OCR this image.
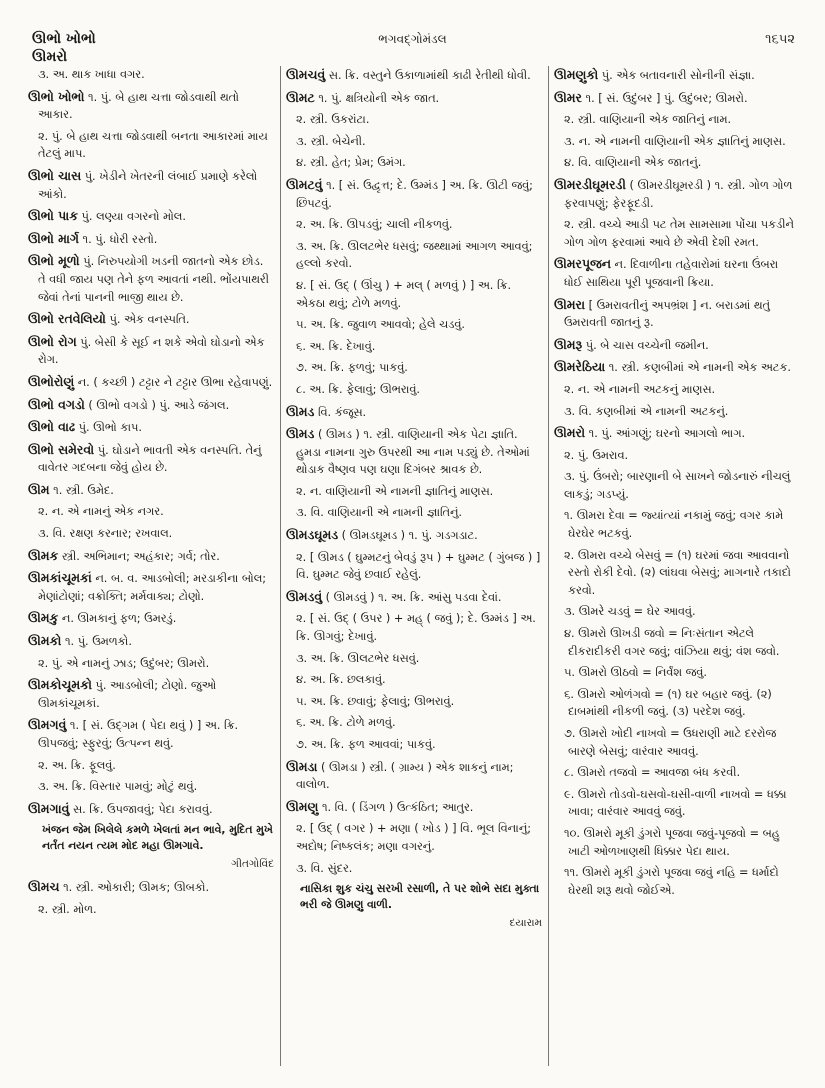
ઊભો ખોભો
ઊમરો
ભગવદ્ગોમંડલ	૧૬૫૨
૩. અ. થાક ખાધા વગર.
ઊભો ખોભો ૧. પું. બે હાથ ચત્તા જોડવાથી થતો આકાર.
૨. પું. બે હાથ ચત્તા જોડવાથી બનતા આકારમાં માય તેટલું માપ.
ઊભો ચાસ પું. ખેડીને ખેતરની લંબાઈ પ્રમાણે કરેલો આંકો.
ઊભો પાક પું. લણ્યા વગરનો મોલ.
ઊભો માર્ગ ૧. પું. ધોરી રસ્તો.
ઊભો મૂળો પું. નિરુપયોગી ખડની જાતનો એક છોડ. તે વધી જાય પણ તેને ફળ આવતાં નથી. ભોંયપાથરી જેવાં તેનાં પાનની ભાજી થાય છે.
ઊભો રતવેલિયો પું. એક વનસ્પતિ.
ઊભો રોગ પું. બેસી કે સૂઈ ન શકે એવો ઘોડાનો એક રોગ.
ઊભોરોણું ન. ( કચ્છી ) ટટ્ટાર ને ટટ્ટાર ઊભા રહેવાપણું.
ઊભો વગડો ( ઊભો વગડો ) પું. આડે જંગલ.
ઊભો વાઢ પું. ઊભો કાપ.
ઊભો સમેરવો પું. ઘોડાને ભાવતી એક વનસ્પતિ. તેનું વાવેતર ગદબના જેવું હોય છે.
ઊમ ૧. સ્ત્રી. ઉમેદ.
૨. ન. એ નામનું એક નગર.
૩. વિ. રક્ષણ કરનાર; રખવાલ.
ઊમક સ્ત્રી. અભિમાન; અહંકાર; ગર્વ; તોર.
ઊમકાંચૂમકાં ન. બ. વ. આડબોલી; મરડાકીના બોલ; મેણાંટોણાં; વક્રોક્તિ; મર્મવાક્ય; ટોણો.
ઊમકુ ન. ઊમકાનું ફળ; ઉમરડું.
ઊમકો ૧. પું. ઉમળકો.
૨. પું. એ નામનું ઝાડ; ઉદુંબર; ઊમરો.
ઊમકોચૂમકો પું. આડબોલી; ટોણો. જુઓ ઊમકાંચૂમકાં.
ઊમગવું ૧. [ સં. ઉદ્ગમ ( પેદા થવું ) ] અ. ક્રિ. ઊપજવું; સ્ફુરવું; ઉત્પન્ન થવું.
૨. અ. ક્રિ. ફૂલવું.
૩. અ. ક્રિ. વિસ્તાર પામવું; મોટું થવું.
ઊમગાવું સ. ક્રિ. ઉપજાવવું; પેદા કરાવવું.
ખંજન જેમ ખિલેલે કમળે ખેલતાં મન ભાવે, મુદિત મુખે નર્તંત નયન ત્યમ મોદ મહા ઊમગાવે.
ગીતગોવિંદ
ઊમચ ૧. સ્ત્રી. ઓકારી; ઊમક; ઊબકો.
૨. સ્ત્રી. મોળ.
ઊમચવું સ. ક્રિ. વસ્તુને ઉકાળામાંથી કાઢી રેતીથી ધોવી.
ઊમટ ૧. પું. ક્ષત્રિયોની એક જાત.
૨. સ્ત્રી. ઉકરાંટા.
૩. સ્ત્રી. બેચેની.
૪. સ્ત્રી. હેત; પ્રેમ; ઉમંગ.
ઊમટવું ૧. [ સં. ઉદ્વૃત્ત; દે. ઉમ્મંડ ] અ. ક્રિ. ઊટી જવું; છિપટવું.
૨. અ. ક્રિ. ઊપડવું; ચાલી નીકળવું.
૩. અ. ક્રિ. ઊલટભેર ધસવું; જથ્થામાં આગળ આવવું; હલ્લો કરવો.
૪. [ સં. ઉદ્ ( ઊંચુ ) + મલ્ ( મળવું ) ] અ. ક્રિ. એકઠા થવું; ટોળે મળવું.
૫. અ. ક્રિ. જુવાળ આવવો; હેલે ચડવું.
૬. અ. ક્રિ. દેખાવું.
૭. અ. ક્રિ. ફળવું; પાકવું.
૮. અ. ક્રિ. ફેલાવું; ઊભરાવું.
ઊમડ વિ. કંજૂસ.
ઊમડ ( ઊમડ ) ૧. સ્ત્રી. વાણિયાની એક પેટા જ્ઞાતિ. હુમડા નામના ગુરુ ઉપરથી આ નામ પડ્યું છે. તેઓમાં થોડાક વૈષ્ણવ પણ ઘણા દિગંબર શ્રાવક છે.
૨. ન. વાણિયાની એ નામની જ્ઞાતિનું માણસ.
૩. વિ. વાણિયાની એ નામની જ્ઞાતિનું.
ઊમડઘૂમડ ( ઊમડઘૂમડ ) ૧. પું. ગડગડાટ.
૨. [ ઊમડ ( ઘુમ્મટનું બેવડું રૂપ ) + ઘુમ્મટ ( ગુંબજ ) ] વિ. ઘુમ્મટ જેવું છવાઈ રહેલું.
ઊમડવું ( ઊમડવું ) ૧. અ. ક્રિ. આંસુ પડવા દેવાં.
૨. [ સં. ઉદ્ ( ઉપર ) + મહ્ ( જવું ); દે. ઉમ્મંડ ] અ. ક્રિ. ઊગવું; દેખાવું.
૩. અ. ક્રિ. ઊલટભેર ધસવું.
૪. અ. ક્રિ. છલકાવું.
૫. અ. ક્રિ. છવાવું; ફેલાવું; ઊભરાવું.
૬. અ. ક્રિ. ટોળે મળવું.
૭. અ. ક્રિ. ફળ આવવાં; પાકવું.
ઊમડા ( ઊમડા ) સ્ત્રી. ( ગ્રામ્ય ) એક શાકનું નામ; વાલોળ.
ઊમણુ ૧. વિ. ( ડિંગળ ) ઉત્કંઠિત; આતુર.
૨. [ ઉદ્ ( વગર ) + મણા ( ખોડ ) ] વિ. ભૂલ વિનાનું; અદોષ; નિષ્કલંક; મણા વગરનું.
૩. વિ. સુંદર.
નાસિકા શુક ચંચુ સરખી રસાળી, તે પર શોભે સદા મુક્તા ભરી જે ઊમણુ વાળી.
દયારામ
ઊમણુકો પું. એક બતાવનારી સોનીની સંજ્ઞા.
ઊમર ૧. [ સં. ઉદુંબર ] પું. ઉદુંબર; ઊમરો.
૨. સ્ત્રી. વાણિયાની એક જાતિનું નામ.
૩. ન. એ નામની વાણિયાની એક જ્ઞાતિનું માણસ.
૪. વિ. વાણિયાની એક જાતનું.
ઊમરડીઘૂમરડી ( ઊમરડીઘૂમરડી ) ૧. સ્ત્રી. ગોળ ગોળ ફરવાપણું; ફેરફૂદડી.
૨. સ્ત્રી. વચ્ચે આડી પટ તેમ સામસામા પોંચા પકડીને ગોળ ગોળ ફરવામાં આવે છે એવી દેશી રમત.
ઊમરપૂજન ન. દિવાળીના તહેવારોમાં ઘરના ઉંબરા ધોઈ સાથિયા પૂરી પૂજવાની ક્રિયા.
ઊમરા [ ઉમરાવતીનું અપભ્રંશ ] ન. બરાડમાં થતું ઉમરાવતી જાતનું રૂ.
ઊમરૂ પું. બે ચાસ વચ્ચેની જમીન.
ઊમરેઠિયા ૧. સ્ત્રી. કણબીમાં એ નામની એક અટક.
૨. ન. એ નામની અટકનું માણસ.
૩. વિ. કણબીમાં એ નામની અટકનું.
ઊમરો ૧. પું. આંગણું; ઘરનો આગલો ભાગ.
૨. પું. ઉમરાવ.
૩. પું. ઉંબરો; બારણાની બે સાખને જોડનારું નીચલું લાકડું; ગડપ્યું.
૧. ઊમરા દેવા = જ્યાંત્યાં નકામું જવું; વગર કામે ઘેરઘેર ભટકવું.
૨. ઊમરા વચ્ચે બેસવું = (૧) ઘરમાં જવા આવવાનો રસ્તો રોકી દેવો. (૨) લાંઘવા બેસવું; માગનારે તકાદો કરવો.
૩. ઊમરે ચડવું = ઘેર આવવું.
૪. ઊમરો ઊખડી જવો = નિઃસંતાન એટલે દીકરાદીકરી વગર જવું; વાંઝિયા થવું; વંશ જવો.
૫. ઊમરો ઊઠવો = નિર્વંશ જવું.
૬. ઊમરો ઓળંગવો = (૧) ઘર બહાર જવું. (૨) દાબમાંથી નીકળી જવું. (૩) પરદેશ જવું.
૭. ઊમરો ખોદી નાખવો = ઉધરાણી માટે દરરોજ બારણે બેસવું; વારંવાર આવવું.
૮. ઊમરો તજવો = આવજા બંધ કરવી.
૯. ઊમરો તોડવો-ઘસવો-ઘસી-વાળી નાખવો = ધક્કા ખાવા; વારંવાર આવવું જવું.
૧૦. ઊમરો મૂકી ડુંગરો પૂજવા જવું-પૂજવો = બહુ ખાટી ઓળખાણથી ધિક્કાર પેદા થાય.
૧૧. ઊમરો મૂકી ડુંગરો પૂજવા જવું નહિ = ધર્માદો ઘેરથી શરૂ થવો જોઈએ.
